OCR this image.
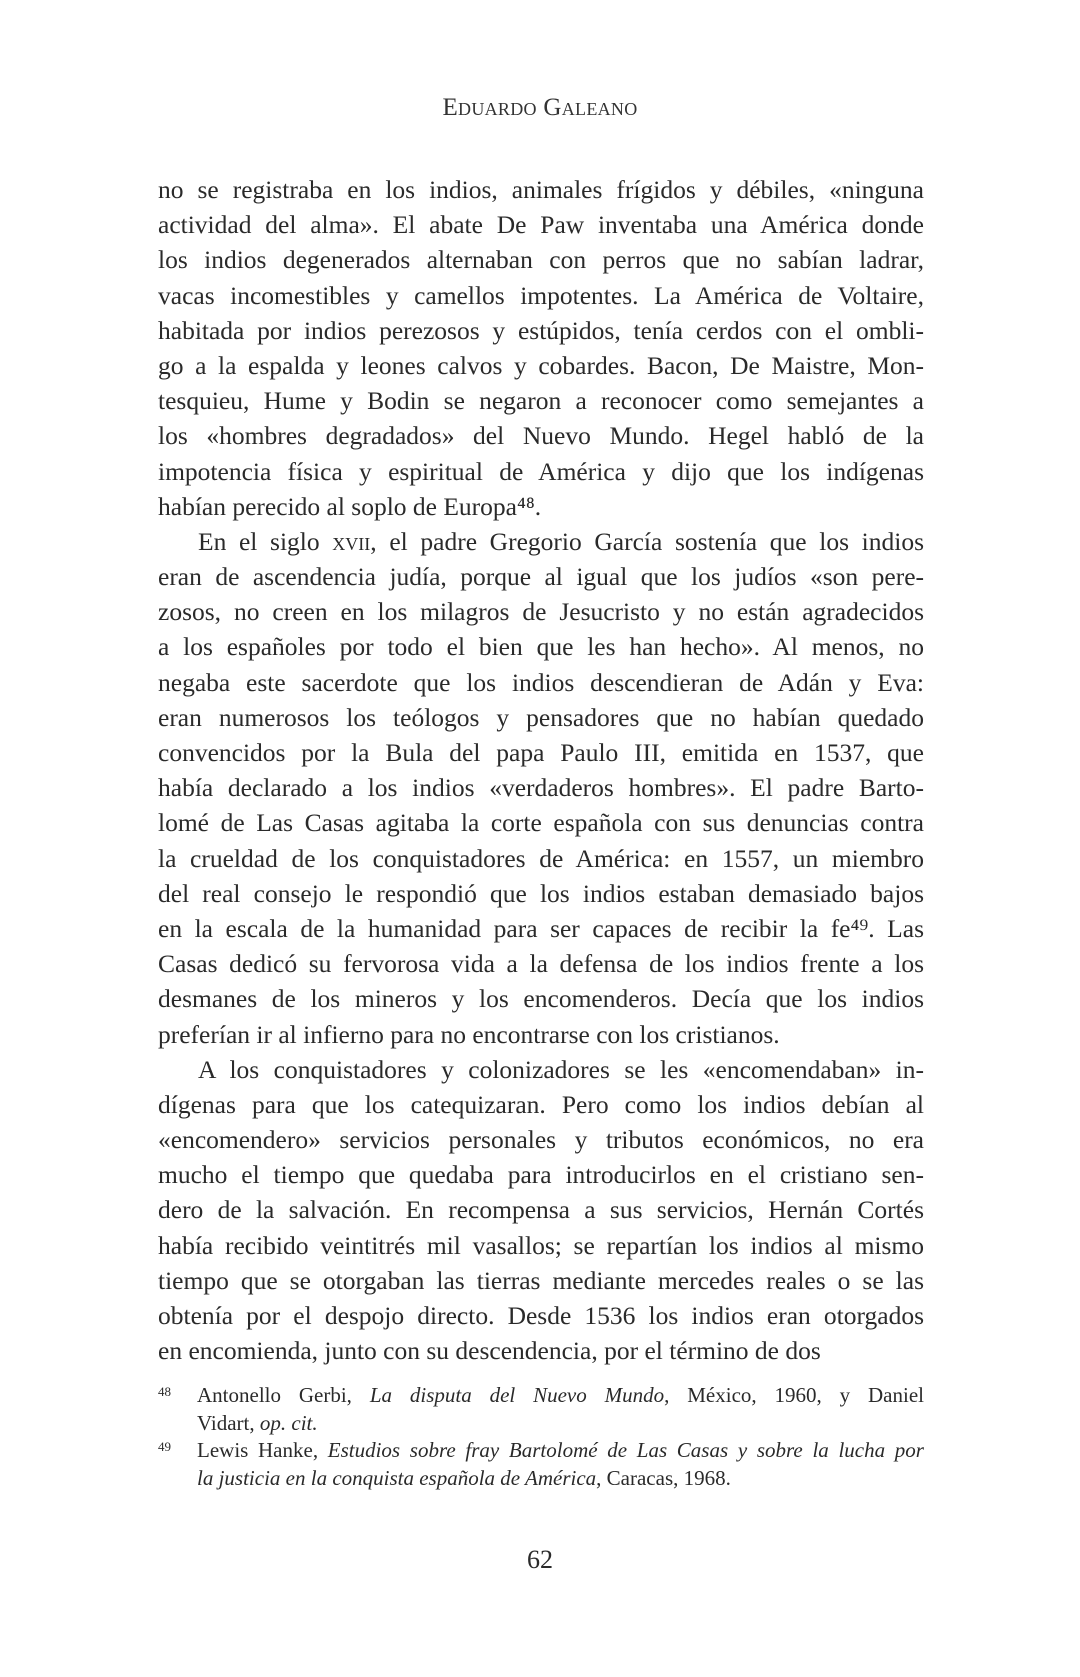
Eduardo Galeano
no se registraba en los indios, animales frígidos y débiles, «ninguna
actividad del alma». El abate De Paw inventaba una América donde
los indios degenerados alternaban con perros que no sabían ladrar,
vacas incomestibles y camellos impotentes. La América de Voltaire,
habitada por indios perezosos y estúpidos, tenía cerdos con el ombli-
go a la espalda y leones calvos y cobardes. Bacon, De Maistre, Mon-
tesquieu, Hume y Bodin se negaron a reconocer como semejantes a
los «hombres degradados» del Nuevo Mundo. Hegel habló de la
impotencia física y espiritual de América y dijo que los indígenas
habían perecido al soplo de Europa⁴⁸.
En el siglo xvii, el padre Gregorio García sostenía que los indios
eran de ascendencia judía, porque al igual que los judíos «son pere-
zosos, no creen en los milagros de Jesucristo y no están agradecidos
a los españoles por todo el bien que les han hecho». Al menos, no
negaba este sacerdote que los indios descendieran de Adán y Eva:
eran numerosos los teólogos y pensadores que no habían quedado
convencidos por la Bula del papa Paulo III, emitida en 1537, que
había declarado a los indios «verdaderos hombres». El padre Barto-
lomé de Las Casas agitaba la corte española con sus denuncias contra
la crueldad de los conquistadores de América: en 1557, un miembro
del real consejo le respondió que los indios estaban demasiado bajos
en la escala de la humanidad para ser capaces de recibir la fe⁴⁹. Las
Casas dedicó su fervorosa vida a la defensa de los indios frente a los
desmanes de los mineros y los encomenderos. Decía que los indios
preferían ir al infierno para no encontrarse con los cristianos.
A los conquistadores y colonizadores se les «encomendaban» in-
dígenas para que los catequizaran. Pero como los indios debían al
«encomendero» servicios personales y tributos económicos, no era
mucho el tiempo que quedaba para introducirlos en el cristiano sen-
dero de la salvación. En recompensa a sus servicios, Hernán Cortés
había recibido veintitrés mil vasallos; se repartían los indios al mismo
tiempo que se otorgaban las tierras mediante mercedes reales o se las
obtenía por el despojo directo. Desde 1536 los indios eran otorgados
en encomienda, junto con su descendencia, por el término de dos
48 Antonello Gerbi, La disputa del Nuevo Mundo, México, 1960, y Daniel
Vidart, op. cit.
49 Lewis Hanke, Estudios sobre fray Bartolomé de Las Casas y sobre la lucha por
la justicia en la conquista española de América, Caracas, 1968.
62
